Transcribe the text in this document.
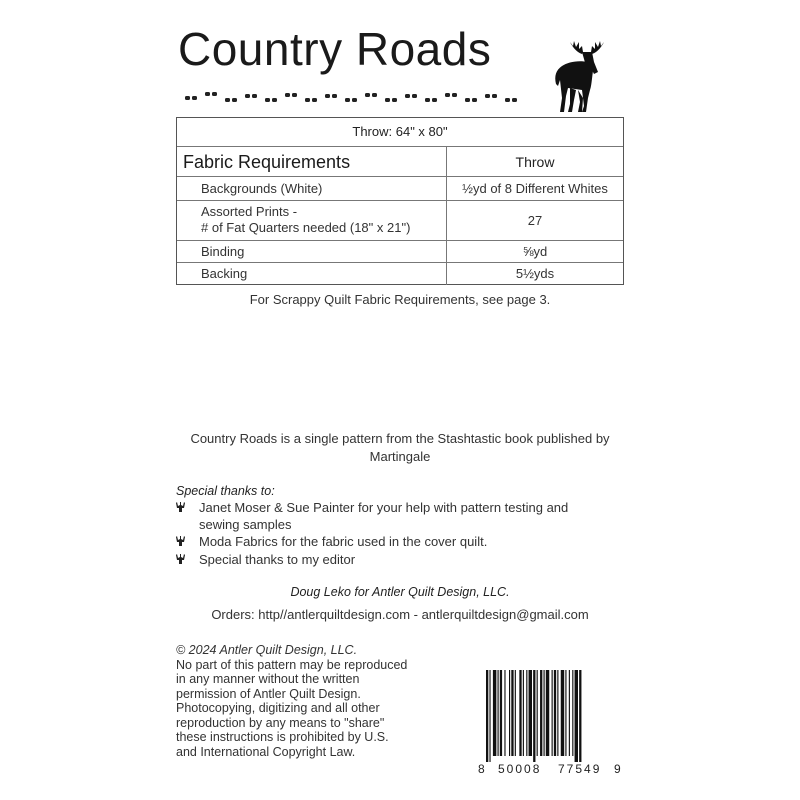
Country Roads
Throw: 64" x 80"
Fabric Requirements	Throw
Backgrounds (White)	½yd of 8 Different Whites
Assorted Prints -
# of Fat Quarters needed (18" x 21")	27
Binding	⅝yd
Backing	5½yds
For Scrappy Quilt Fabric Requirements, see page 3.
Country Roads is a single pattern from the Stashtastic book published by
Martingale
Special thanks to:
Janet Moser & Sue Painter for your help with pattern testing and
sewing samples
Moda Fabrics for the fabric used in the cover quilt.
Special thanks to my editor
Doug Leko for Antler Quilt Design, LLC.
Orders: http//antlerquiltdesign.com - antlerquiltdesign@gmail.com
© 2024 Antler Quilt Design, LLC.
No part of this pattern may be reproduced
in any manner without the written
permission of Antler Quilt Design.
Photocopying, digitizing and all other
reproduction by any means to "share"
these instructions is prohibited by U.S.
and International Copyright Law.
8 50008 77549 9
